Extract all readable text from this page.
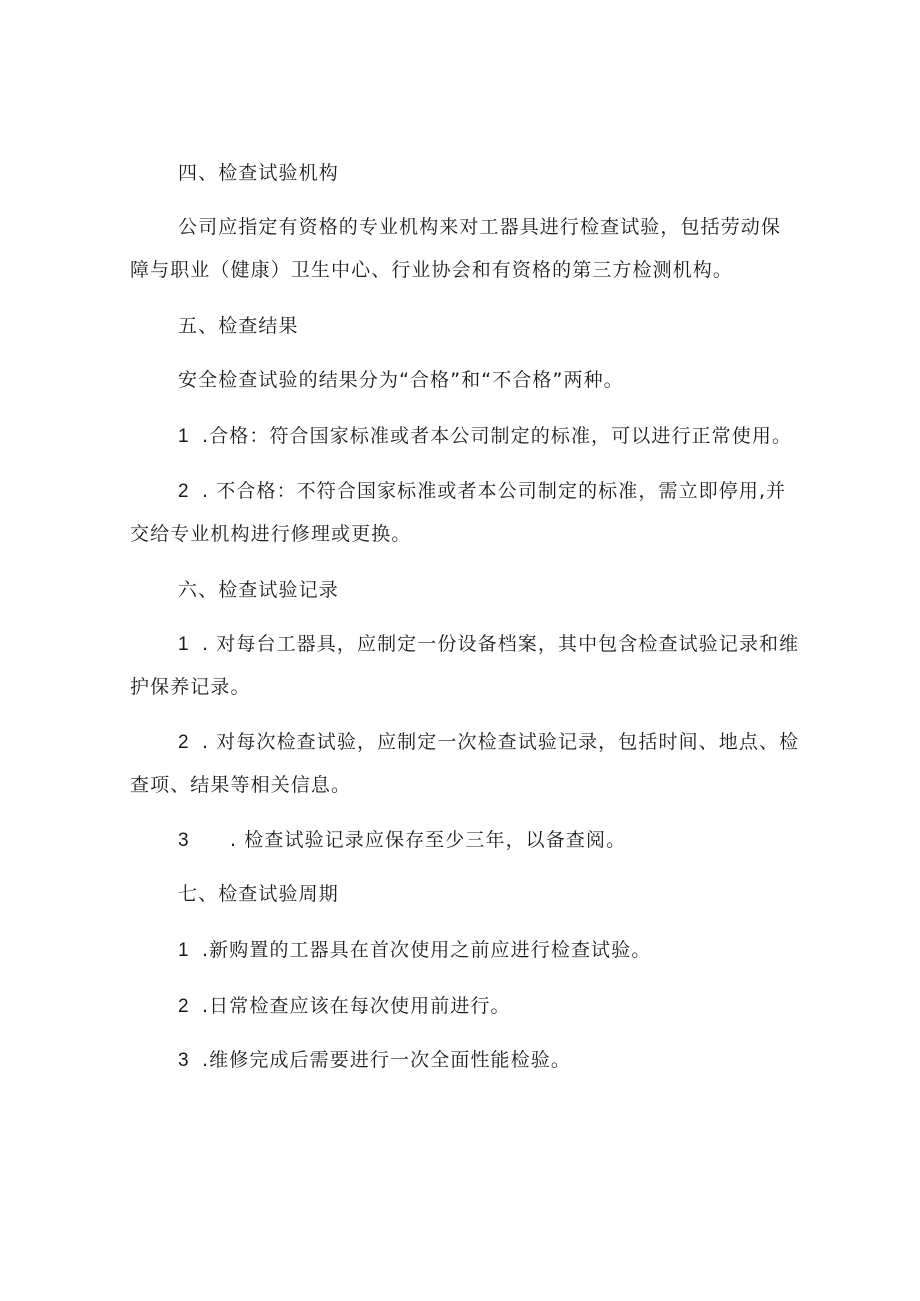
四、检查试验机构
公司应指定有资格的专业机构来对工器具进行检查试验，包括劳动保
障与职业（健康）卫生中心、行业协会和有资格的第三方检测机构。
五、检查结果
安全检查试验的结果分为“合格”和“不合格”两种。
1 .合格：符合国家标准或者本公司制定的标准，可以进行正常使用。
2 . 不合格：不符合国家标准或者本公司制定的标准，需立即停用,并
交给专业机构进行修理或更换。
六、检查试验记录
1 . 对每台工器具，应制定一份设备档案，其中包含检查试验记录和维
护保养记录。
2 . 对每次检查试验，应制定一次检查试验记录，包括时间、地点、检
查项、结果等相关信息。
3 . 检查试验记录应保存至少三年，以备查阅。
七、检查试验周期
1 .新购置的工器具在首次使用之前应进行检查试验。
2 .日常检查应该在每次使用前进行。
3 .维修完成后需要进行一次全面性能检验。
